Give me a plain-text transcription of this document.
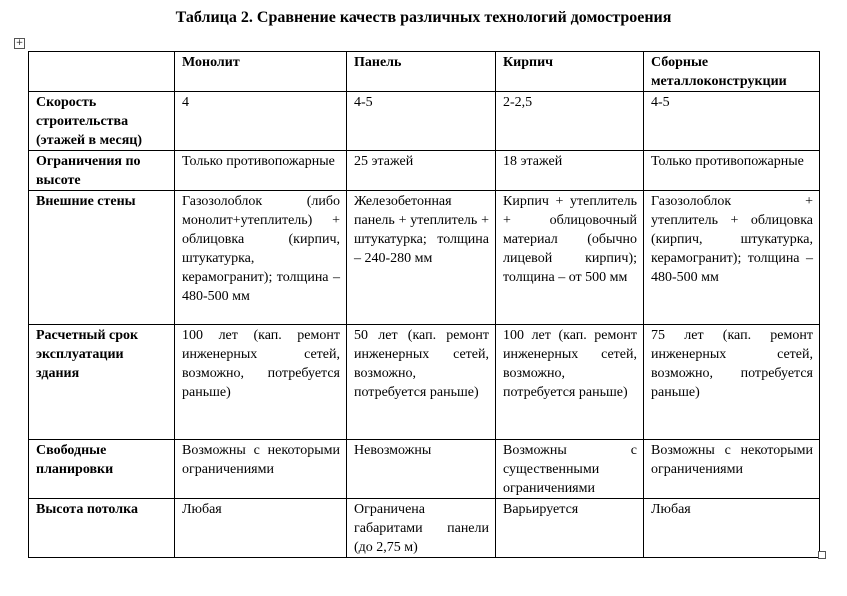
Таблица 2. Сравнение качеств различных технологий домостроения
+
	Монолит	Панель	Кирпич	Сборные металлоконструкции
Скорость строительства (этажей в месяц)	4	4-5	2-2,5	4-5
Ограничения по высоте	Только противопожарные	25 этажей	18 этажей	Только противопожарные
Внешние стены	Газозолоблок (либо монолит+утеплитель) + облицовка (кирпич, штукатурка, керамогранит); толщина – 480-500 мм	Железобетонная панель + утеплитель + штукатурка; толщина – 240-280 мм	Кирпич + утеплитель + облицовочный материал (обычно лицевой кирпич); толщина – от 500 мм	Газозолоблок + утеплитель + облицовка (кирпич, штукатурка, керамогранит); толщина – 480-500 мм
Расчетный срок эксплуатации здания	100 лет (кап. ремонт инженерных сетей, возможно, потребуется раньше)	50 лет (кап. ремонт инженерных сетей, возможно, потребуется раньше)	100 лет (кап. ремонт инженерных сетей, возможно, потребуется раньше)	75 лет (кап. ремонт инженерных сетей, возможно, потребуется раньше)
Свободные планировки	Возможны с некоторыми ограничениями	Невозможны	Возможны с существенными ограничениями	Возможны с некоторыми ограничениями
Высота потолка	Любая	Ограничена габаритами панели (до 2,75 м)	Варьируется	Любая
